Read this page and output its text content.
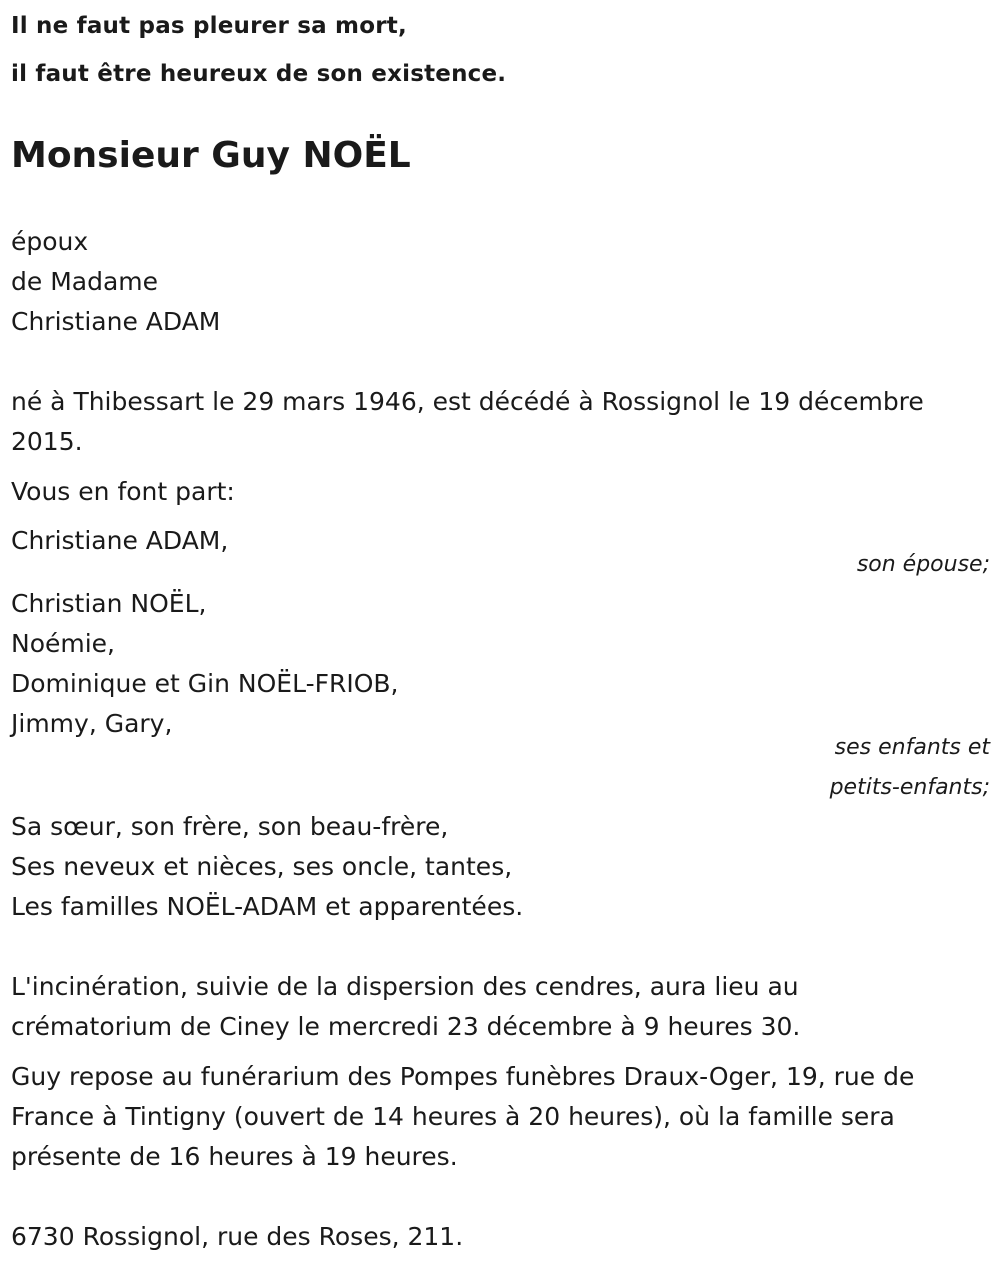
Il ne faut pas pleurer sa mort,
il faut être heureux de son existence.
Monsieur Guy NOËL
époux
de Madame
Christiane ADAM
né à Thibessart le 29 mars 1946, est décédé à Rossignol le 19 décembre
2015.
Vous en font part:
Christiane ADAM,
son épouse;
Christian NOËL,
Noémie,
Dominique et Gin NOËL-FRIOB,
Jimmy, Gary,
ses enfants et
petits-enfants;
Sa sœur, son frère, son beau-frère,
Ses neveux et nièces, ses oncle, tantes,
Les familles NOËL-ADAM et apparentées.
L'incinération, suivie de la dispersion des cendres, aura lieu au
crématorium de Ciney le mercredi 23 décembre à 9 heures 30.
Guy repose au funérarium des Pompes funèbres Draux-Oger, 19, rue de
France à Tintigny (ouvert de 14 heures à 20 heures), où la famille sera
présente de 16 heures à 19 heures.
6730 Rossignol, rue des Roses, 211.
